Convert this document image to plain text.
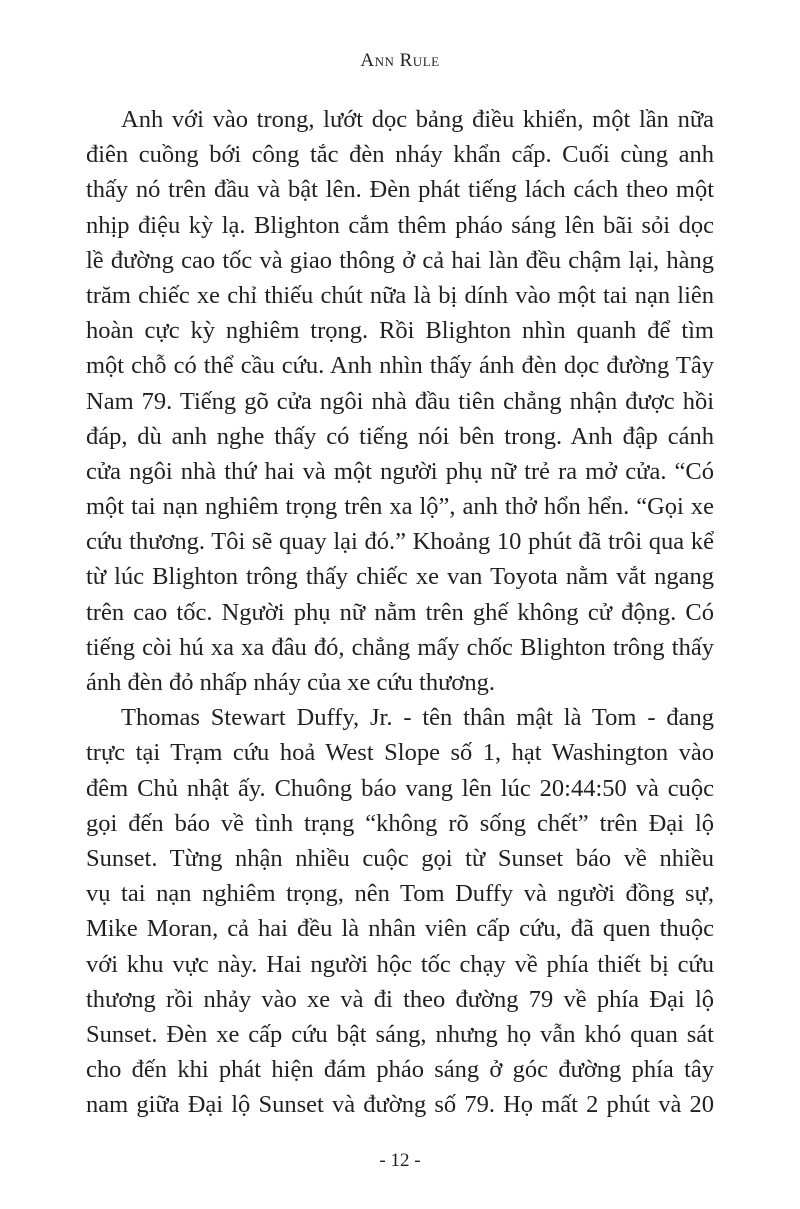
Ann Rule
Anh với vào trong, lướt dọc bảng điều khiển, một lần nữa
điên cuồng bới công tắc đèn nháy khẩn cấp. Cuối cùng anh
thấy nó trên đầu và bật lên. Đèn phát tiếng lách cách theo một
nhịp điệu kỳ lạ. Blighton cắm thêm pháo sáng lên bãi sỏi dọc
lề đường cao tốc và giao thông ở cả hai làn đều chậm lại, hàng
trăm chiếc xe chỉ thiếu chút nữa là bị dính vào một tai nạn liên
hoàn cực kỳ nghiêm trọng. Rồi Blighton nhìn quanh để tìm
một chỗ có thể cầu cứu. Anh nhìn thấy ánh đèn dọc đường Tây
Nam 79. Tiếng gõ cửa ngôi nhà đầu tiên chẳng nhận được hồi
đáp, dù anh nghe thấy có tiếng nói bên trong. Anh đập cánh
cửa ngôi nhà thứ hai và một người phụ nữ trẻ ra mở cửa. “Có
một tai nạn nghiêm trọng trên xa lộ”, anh thở hổn hển. “Gọi xe
cứu thương. Tôi sẽ quay lại đó.” Khoảng 10 phút đã trôi qua kể
từ lúc Blighton trông thấy chiếc xe van Toyota nằm vắt ngang
trên cao tốc. Người phụ nữ nằm trên ghế không cử động. Có
tiếng còi hú xa xa đâu đó, chẳng mấy chốc Blighton trông thấy
ánh đèn đỏ nhấp nháy của xe cứu thương.
Thomas Stewart Duffy, Jr. - tên thân mật là Tom - đang
trực tại Trạm cứu hoả West Slope số 1, hạt Washington vào
đêm Chủ nhật ấy. Chuông báo vang lên lúc 20:44:50 và cuộc
gọi đến báo về tình trạng “không rõ sống chết” trên Đại lộ
Sunset. Từng nhận nhiều cuộc gọi từ Sunset báo về nhiều
vụ tai nạn nghiêm trọng, nên Tom Duffy và người đồng sự,
Mike Moran, cả hai đều là nhân viên cấp cứu, đã quen thuộc
với khu vực này. Hai người hộc tốc chạy về phía thiết bị cứu
thương rồi nhảy vào xe và đi theo đường 79 về phía Đại lộ
Sunset. Đèn xe cấp cứu bật sáng, nhưng họ vẫn khó quan sát
cho đến khi phát hiện đám pháo sáng ở góc đường phía tây
nam giữa Đại lộ Sunset và đường số 79. Họ mất 2 phút và 20
- 12 -
